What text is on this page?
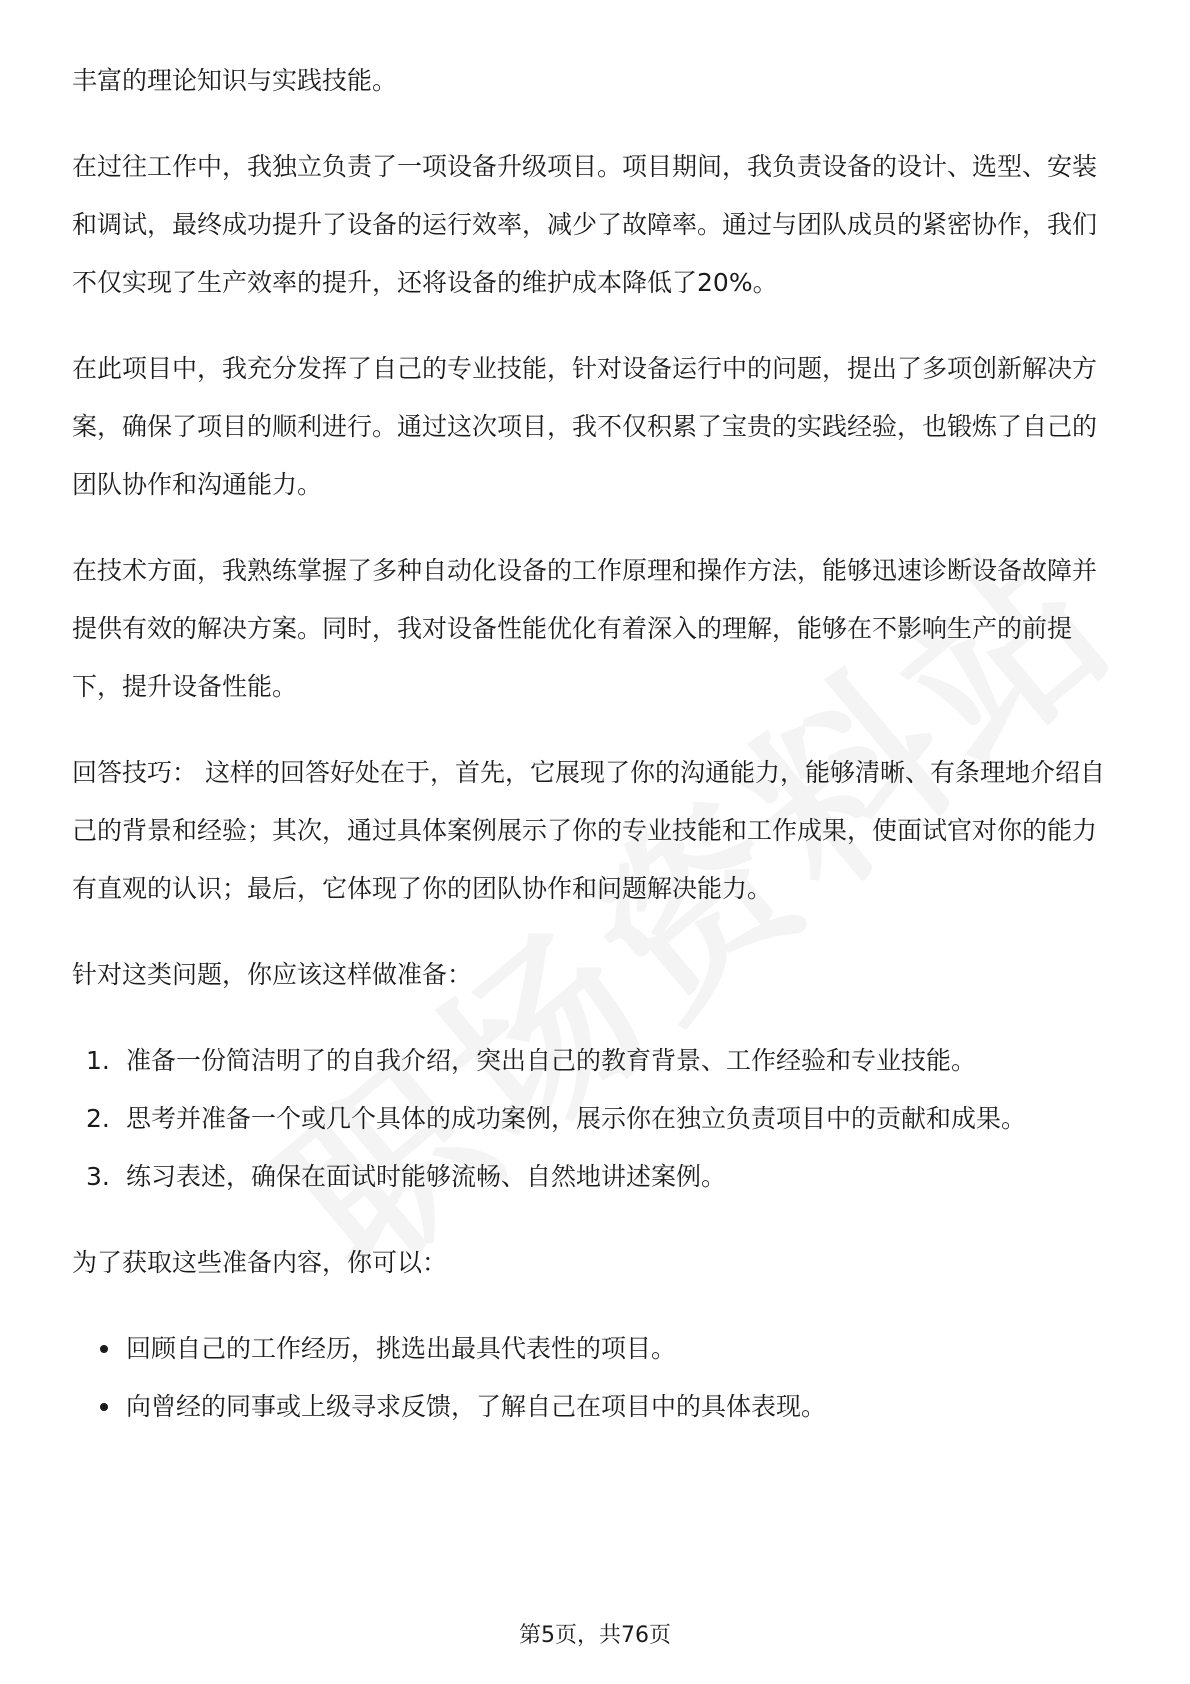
丰富的理论知识与实践技能。

在过往工作中，我独立负责了一项设备升级项目。项目期间，我负责设备的设计、选型、安装和调试，最终成功提升了设备的运行效率，减少了故障率。通过与团队成员的紧密协作，我们不仅实现了生产效率的提升，还将设备的维护成本降低了20%。

在此项目中，我充分发挥了自己的专业技能，针对设备运行中的问题，提出了多项创新解决方案，确保了项目的顺利进行。通过这次项目，我不仅积累了宝贵的实践经验，也锻炼了自己的团队协作和沟通能力。

在技术方面，我熟练掌握了多种自动化设备的工作原理和操作方法，能够迅速诊断设备故障并提供有效的解决方案。同时，我对设备性能优化有着深入的理解，能够在不影响生产的前提下，提升设备性能。

回答技巧： 这样的回答好处在于，首先，它展现了你的沟通能力，能够清晰、有条理地介绍自己的背景和经验；其次，通过具体案例展示了你的专业技能和工作成果，使面试官对你的能力有直观的认识；最后，它体现了你的团队协作和问题解决能力。

针对这类问题，你应该这样做准备：

1. 准备一份简洁明了的自我介绍，突出自己的教育背景、工作经验和专业技能。
2. 思考并准备一个或几个具体的成功案例，展示你在独立负责项目中的贡献和成果。
3. 练习表述，确保在面试时能够流畅、自然地讲述案例。

为了获取这些准备内容，你可以：

回顾自己的工作经历，挑选出最具代表性的项目。
向曾经的同事或上级寻求反馈，了解自己在项目中的具体表现。
第5页，共76页
